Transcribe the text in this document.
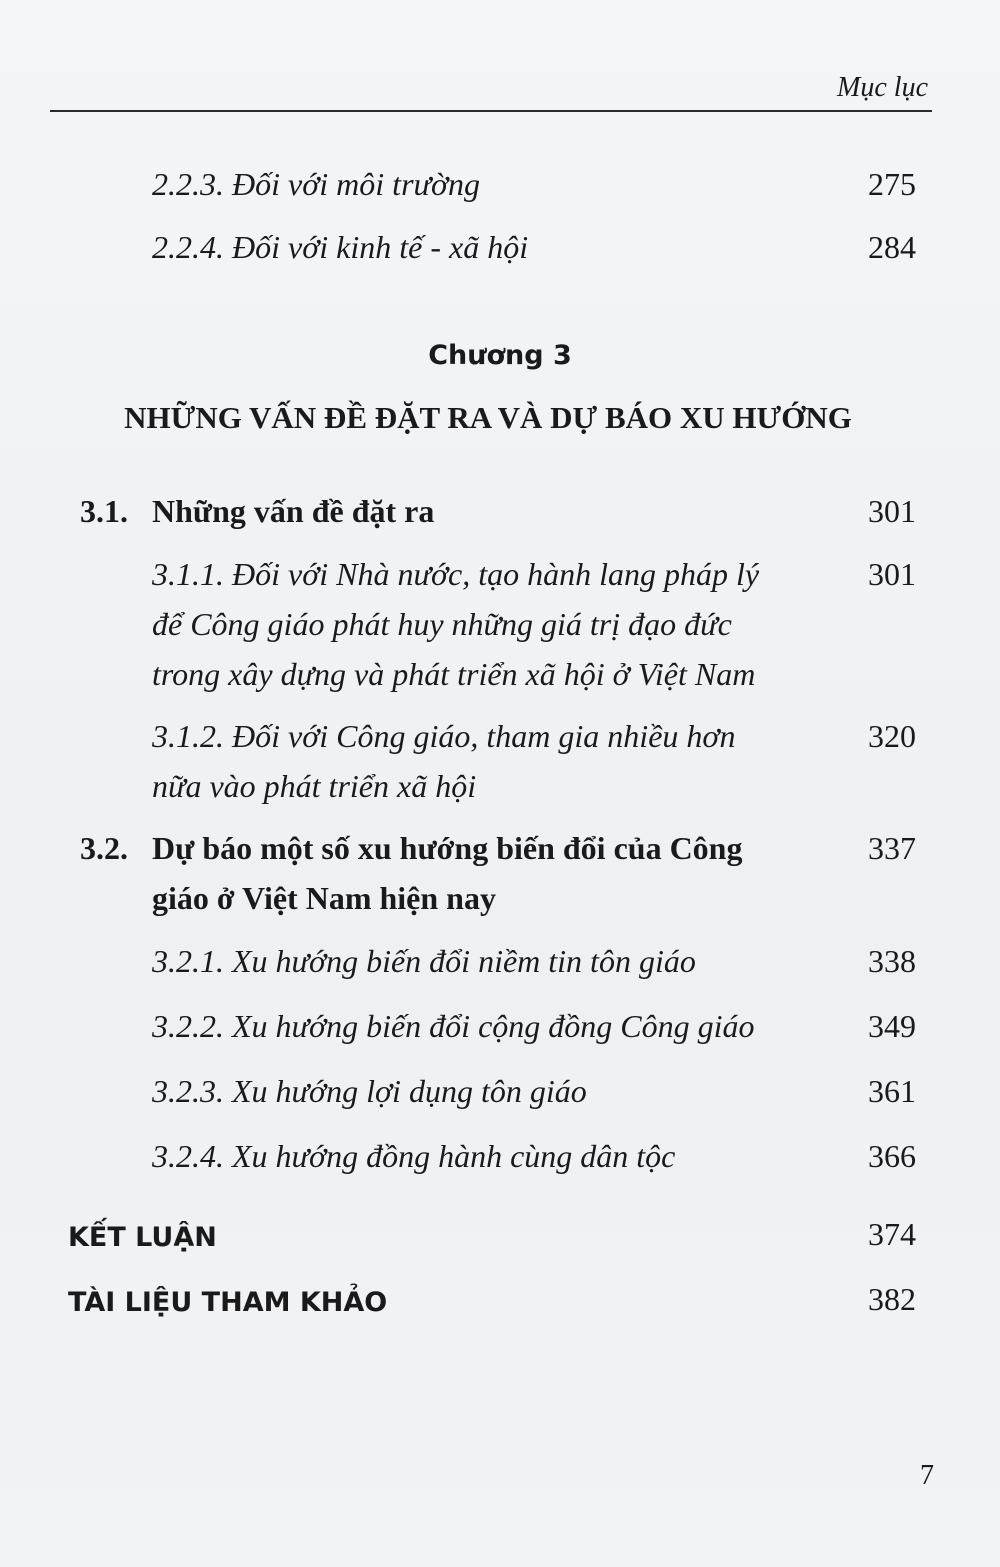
Mục lục
2.2.3. Đối với môi trường	275
2.2.4. Đối với kinh tế - xã hội	284
Chương 3
NHỮNG VẤN ĐỀ ĐẶT RA VÀ DỰ BÁO XU HƯỚNG
3.1. Những vấn đề đặt ra	301
3.1.1. Đối với Nhà nước, tạo hành lang pháp lý
để Công giáo phát huy những giá trị đạo đức
trong xây dựng và phát triển xã hội ở Việt Nam
301
3.1.2. Đối với Công giáo, tham gia nhiều hơn
nữa vào phát triển xã hội
320
3.2. Dự báo một số xu hướng biến đổi của Công
giáo ở Việt Nam hiện nay
337
3.2.1. Xu hướng biến đổi niềm tin tôn giáo	338
3.2.2. Xu hướng biến đổi cộng đồng Công giáo	349
3.2.3. Xu hướng lợi dụng tôn giáo	361
3.2.4. Xu hướng đồng hành cùng dân tộc	366
KẾT LUẬN	374
TÀI LIỆU THAM KHẢO	382
7
